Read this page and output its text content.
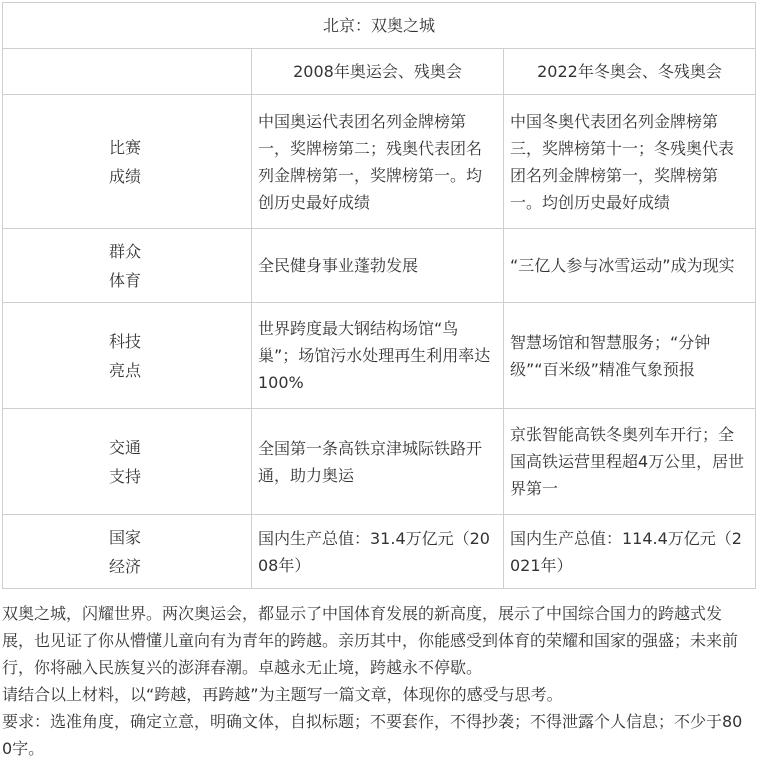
北京：双奥之城		
	2008年奥运会、残奥会	2022年冬奥会、冬残奥会
比赛成绩	中国奥运代表团名列金牌榜第一，奖牌榜第二；残奥代表团名列金牌榜第一，奖牌榜第一。均创历史最好成绩	中国冬奥代表团名列金牌榜第三，奖牌榜第十一；冬残奥代表团名列金牌榜第一，奖牌榜第一。均创历史最好成绩
群众体育	全民健身事业蓬勃发展	“三亿人参与冰雪运动”成为现实
科技亮点	世界跨度最大钢结构场馆“鸟巢”；场馆污水处理再生利用率达100%	智慧场馆和智慧服务；“分钟级”“百米级”精准气象预报
交通支持	全国第一条高铁京津城际铁路开通，助力奥运	京张智能高铁冬奥列车开行；全国高铁运营里程超4万公里，居世界第一
国家经济	国内生产总值：31.4万亿元（2008年）	国内生产总值：114.4万亿元（2021年）

双奥之城，闪耀世界。两次奥运会，都显示了中国体育发展的新高度，展示了中国综合国力的跨越式发展，也见证了你从懵懂儿童向有为青年的跨越。亲历其中，你能感受到体育的荣耀和国家的强盛；未来前行，你将融入民族复兴的澎湃春潮。卓越永无止境，跨越永不停歇。

请结合以上材料，以“跨越，再跨越”为主题写一篇文章，体现你的感受与思考。

要求：选准角度，确定立意，明确文体，自拟标题；不要套作，不得抄袭；不得泄露个人信息；不少于800字。
